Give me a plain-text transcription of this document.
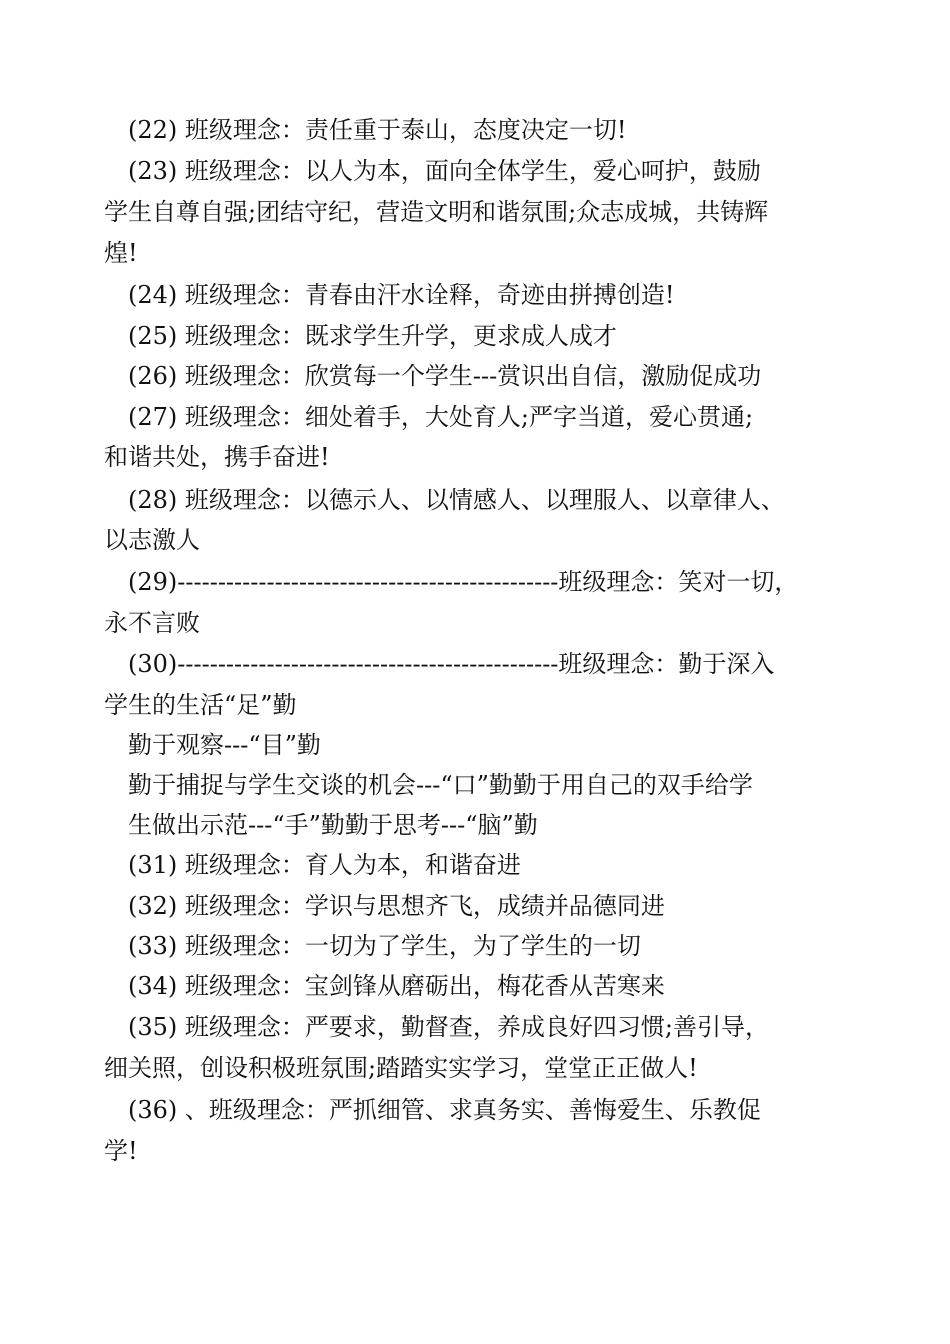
(22) 班级理念：责任重于泰山，态度决定一切!
(23) 班级理念：以人为本，面向全体学生，爱心呵护，鼓励
学生自尊自强;团结守纪，营造文明和谐氛围;众志成城，共铸辉
煌!
(24) 班级理念：青春由汗水诠释，奇迹由拼搏创造!
(25) 班级理念：既求学生升学，更求成人成才
(26) 班级理念：欣赏每一个学生---赏识出自信，激励促成功
(27) 班级理念：细处着手，大处育人;严字当道，爱心贯通;
和谐共处，携手奋进!
(28) 班级理念：以德示人、以情感人、以理服人、以章律人、
以志激人
(29)-----------------------------------------------班级理念：笑对一切，
永不言败
(30)-----------------------------------------------班级理念：勤于深入
学生的生活“足”勤
勤于观察---“目”勤
勤于捕捉与学生交谈的机会---“口”勤勤于用自己的双手给学
生做出示范---“手”勤勤于思考---“脑”勤
(31) 班级理念：育人为本，和谐奋进
(32) 班级理念：学识与思想齐飞，成绩并品德同进
(33) 班级理念：一切为了学生，为了学生的一切
(34) 班级理念：宝剑锋从磨砺出，梅花香从苦寒来
(35) 班级理念：严要求，勤督查，养成良好四习惯;善引导，
细关照，创设积极班氛围;踏踏实实学习，堂堂正正做人!
(36) 、班级理念：严抓细管、求真务实、善悔爱生、乐教促
学!
